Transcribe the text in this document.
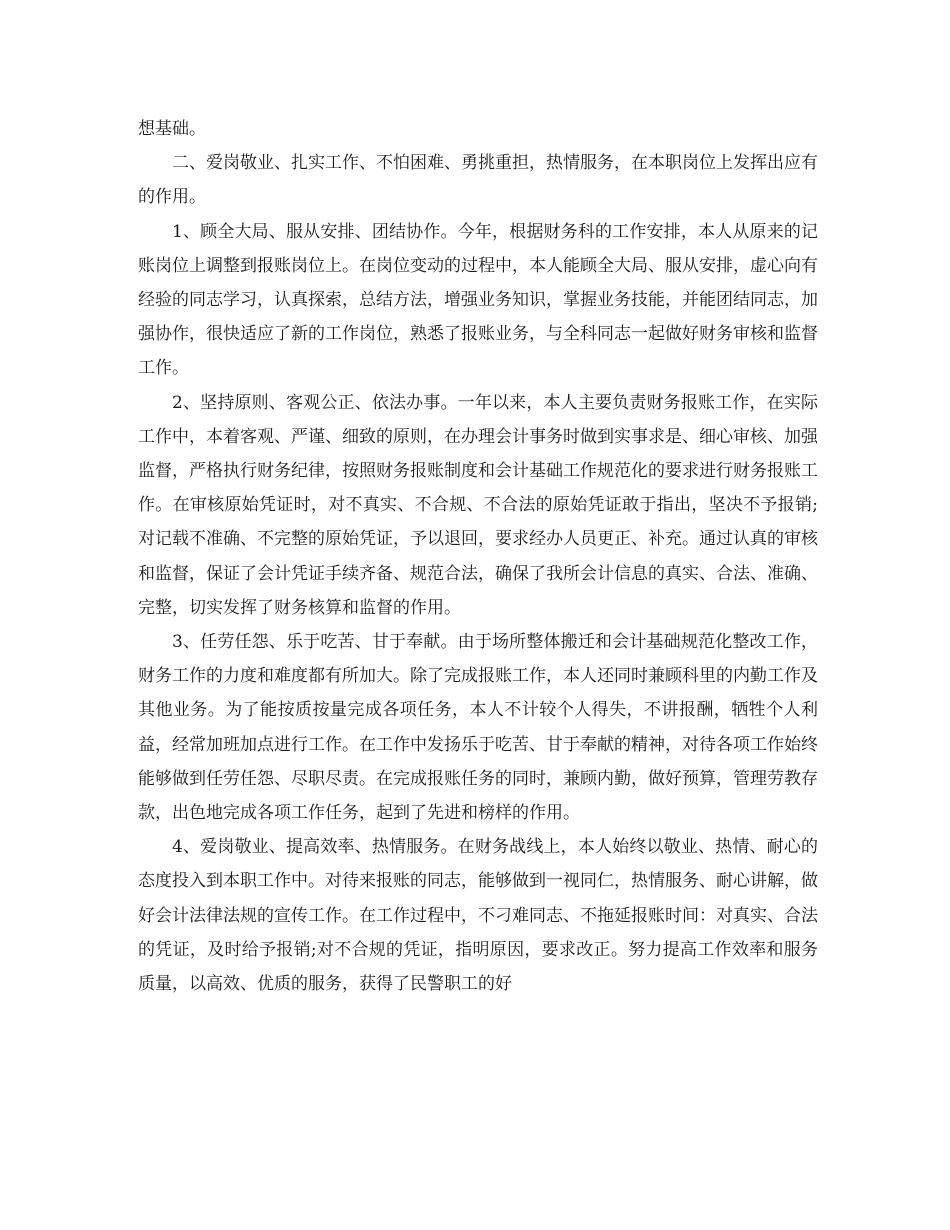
想基础。

二、爱岗敬业、扎实工作、不怕困难、勇挑重担，热情服务，在本职岗位上发挥出应有的作用。

1、顾全大局、服从安排、团结协作。今年，根据财务科的工作安排，本人从原来的记账岗位上调整到报账岗位上。在岗位变动的过程中，本人能顾全大局、服从安排，虚心向有经验的同志学习，认真探索，总结方法，增强业务知识，掌握业务技能，并能团结同志，加强协作，很快适应了新的工作岗位，熟悉了报账业务，与全科同志一起做好财务审核和监督工作。

2、坚持原则、客观公正、依法办事。一年以来，本人主要负责财务报账工作，在实际工作中，本着客观、严谨、细致的原则，在办理会计事务时做到实事求是、细心审核、加强监督，严格执行财务纪律，按照财务报账制度和会计基础工作规范化的要求进行财务报账工作。在审核原始凭证时，对不真实、不合规、不合法的原始凭证敢于指出，坚决不予报销;对记载不准确、不完整的原始凭证，予以退回，要求经办人员更正、补充。通过认真的审核和监督，保证了会计凭证手续齐备、规范合法，确保了我所会计信息的真实、合法、准确、完整，切实发挥了财务核算和监督的作用。

3、任劳任怨、乐于吃苦、甘于奉献。由于场所整体搬迁和会计基础规范化整改工作，财务工作的力度和难度都有所加大。除了完成报账工作，本人还同时兼顾科里的内勤工作及其他业务。为了能按质按量完成各项任务，本人不计较个人得失，不讲报酬，牺牲个人利益，经常加班加点进行工作。在工作中发扬乐于吃苦、甘于奉献的精神，对待各项工作始终能够做到任劳任怨、尽职尽责。在完成报账任务的同时，兼顾内勤，做好预算，管理劳教存款，出色地完成各项工作任务，起到了先进和榜样的作用。

4、爱岗敬业、提高效率、热情服务。在财务战线上，本人始终以敬业、热情、耐心的态度投入到本职工作中。对待来报账的同志，能够做到一视同仁，热情服务、耐心讲解，做好会计法律法规的宣传工作。在工作过程中，不刁难同志、不拖延报账时间：对真实、合法的凭证，及时给予报销;对不合规的凭证，指明原因，要求改正。努力提高工作效率和服务质量，以高效、优质的服务，获得了民警职工的好
